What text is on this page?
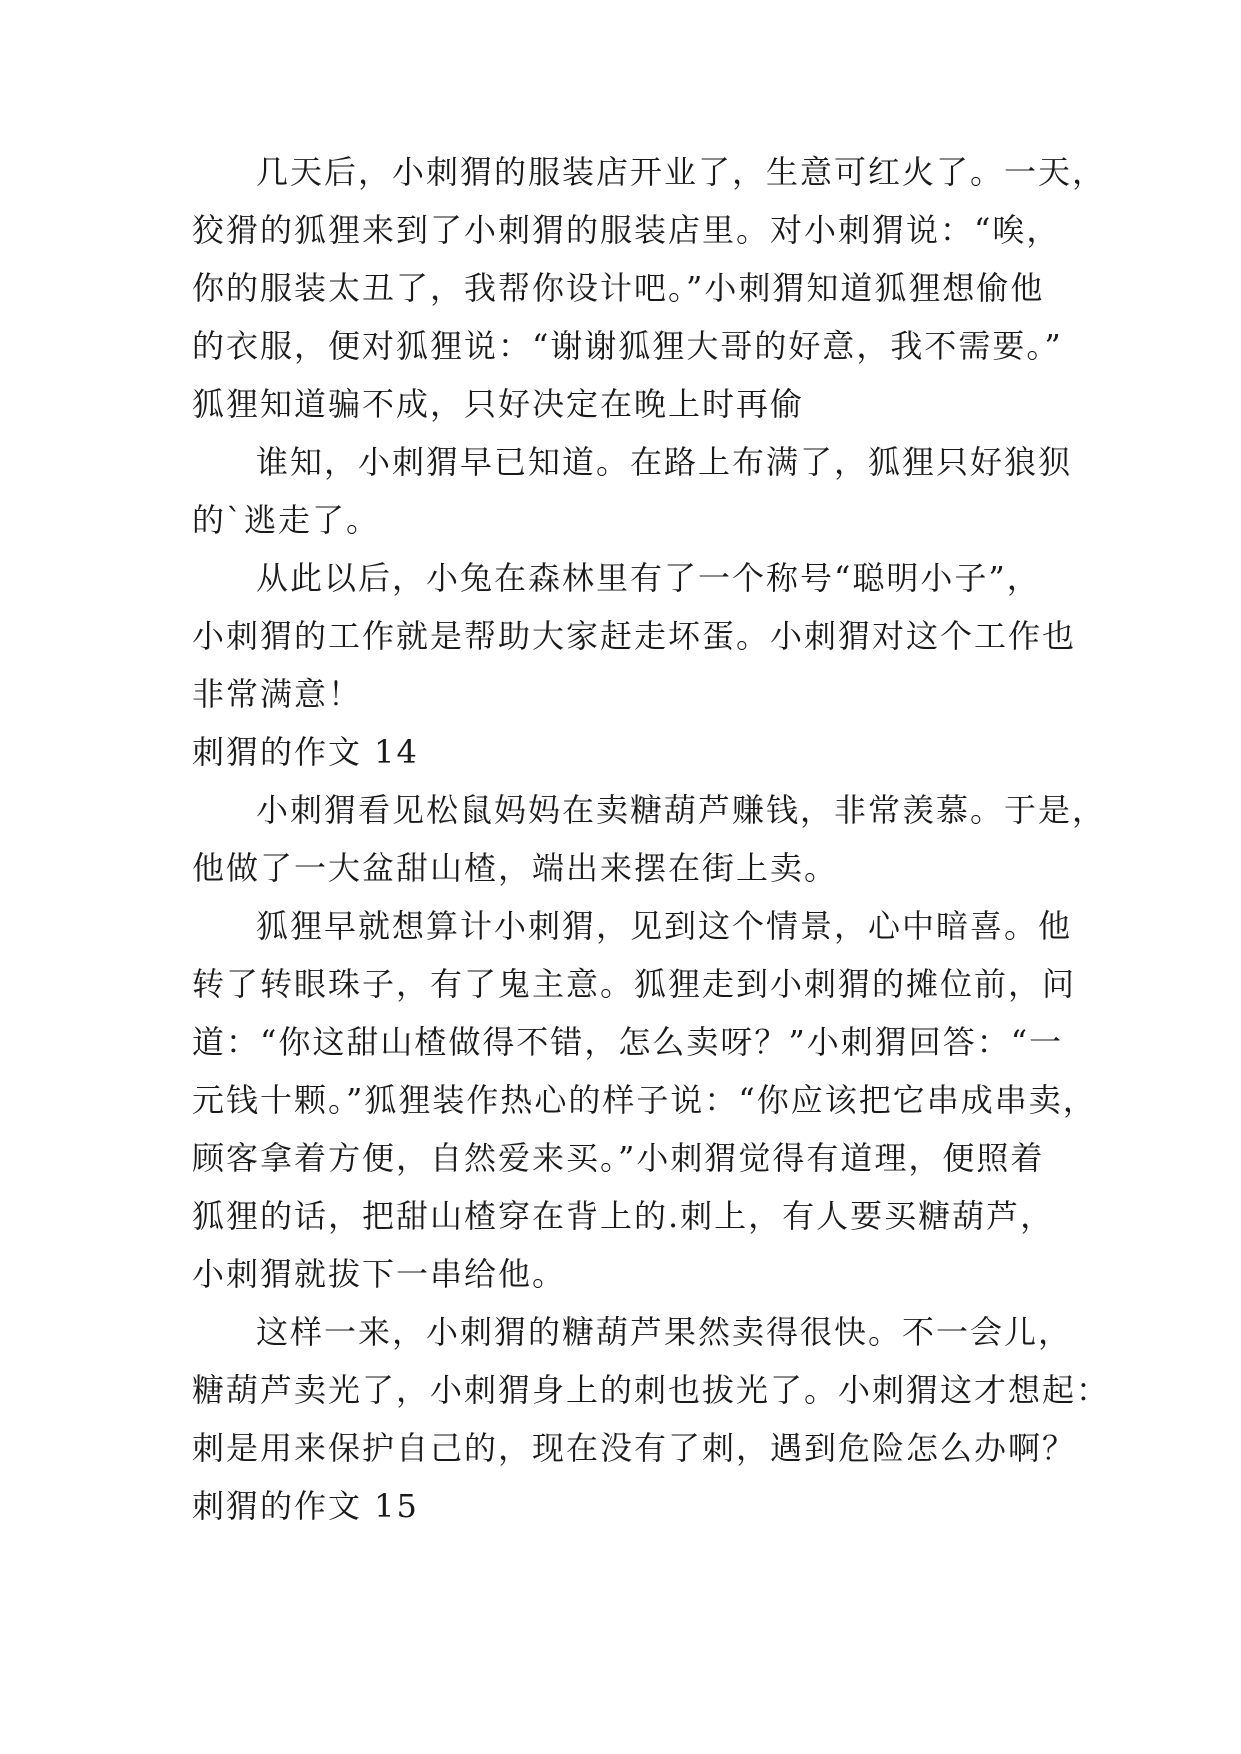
几天后，小刺猬的服装店开业了，生意可红火了。一天，
狡猾的狐狸来到了小刺猬的服装店里。对小刺猬说：“唉，
你的服装太丑了，我帮你设计吧。”小刺猬知道狐狸想偷他
的衣服，便对狐狸说：“谢谢狐狸大哥的好意，我不需要。”
狐狸知道骗不成，只好决定在晚上时再偷
谁知，小刺猬早已知道。在路上布满了，狐狸只好狼狈
的`逃走了。
从此以后，小兔在森林里有了一个称号“聪明小子”，
小刺猬的工作就是帮助大家赶走坏蛋。小刺猬对这个工作也
非常满意！
刺猬的作文 14
小刺猬看见松鼠妈妈在卖糖葫芦赚钱，非常羡慕。于是，
他做了一大盆甜山楂，端出来摆在街上卖。
狐狸早就想算计小刺猬，见到这个情景，心中暗喜。他
转了转眼珠子，有了鬼主意。狐狸走到小刺猬的摊位前，问
道：“你这甜山楂做得不错，怎么卖呀？”小刺猬回答：“一
元钱十颗。”狐狸装作热心的样子说：“你应该把它串成串卖，
顾客拿着方便，自然爱来买。”小刺猬觉得有道理，便照着
狐狸的话，把甜山楂穿在背上的.刺上，有人要买糖葫芦，
小刺猬就拔下一串给他。
这样一来，小刺猬的糖葫芦果然卖得很快。不一会儿，
糖葫芦卖光了，小刺猬身上的刺也拔光了。小刺猬这才想起：
刺是用来保护自己的，现在没有了刺，遇到危险怎么办啊？
刺猬的作文 15
